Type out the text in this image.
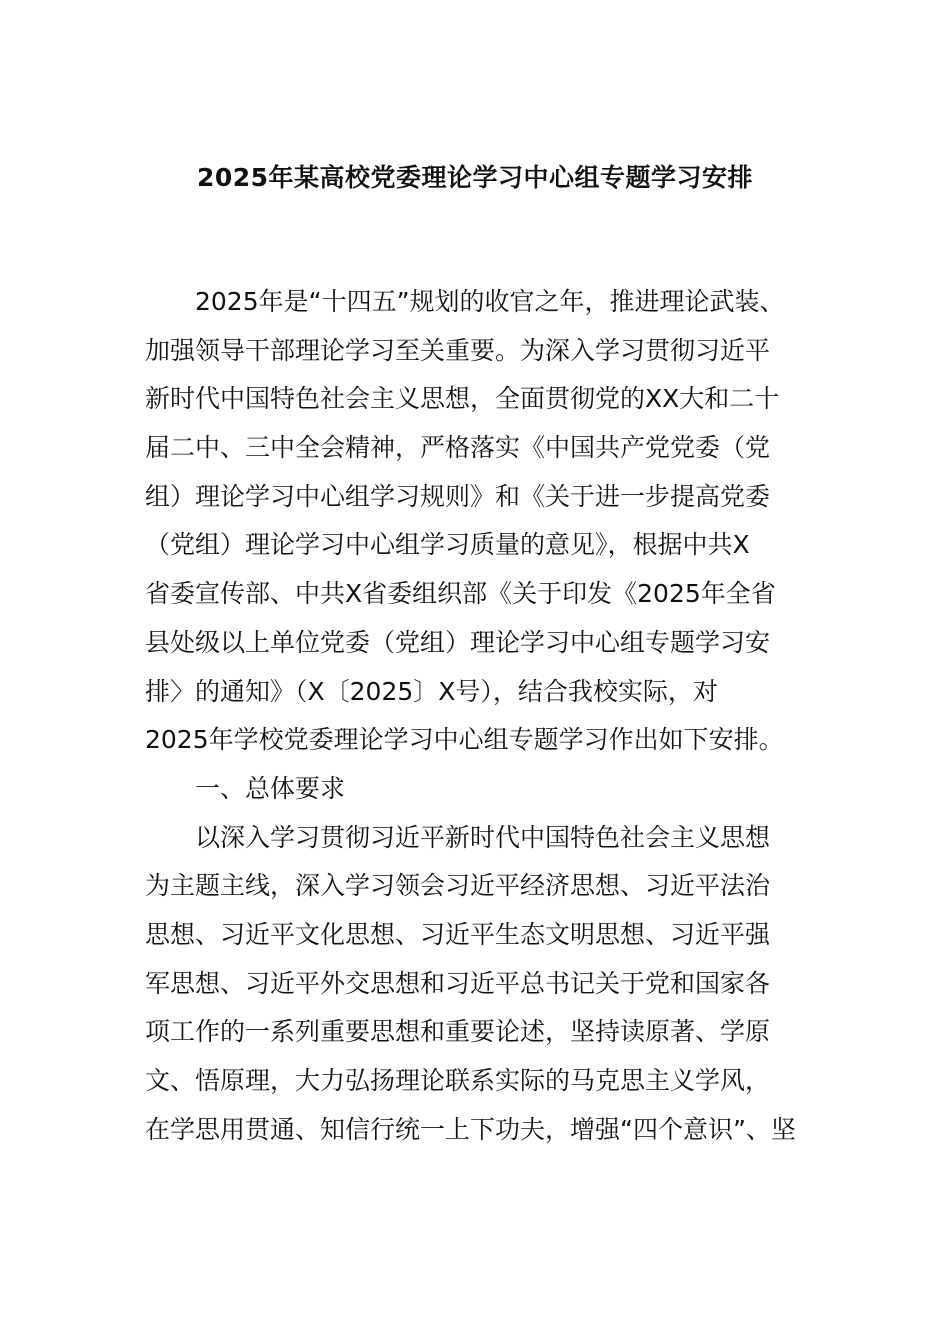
2025年某高校党委理论学习中心组专题学习安排
2025年是“十四五”规划的收官之年，推进理论武装、
加强领导干部理论学习至关重要。为深入学习贯彻习近平
新时代中国特色社会主义思想，全面贯彻党的XX大和二十
届二中、三中全会精神，严格落实《中国共产党党委（党
组）理论学习中心组学习规则》和《关于进一步提高党委
（党组）理论学习中心组学习质量的意见》，根据中共X
省委宣传部、中共X省委组织部《关于印发《2025年全省
县处级以上单位党委（党组）理论学习中心组专题学习安
排〉的通知》（X〔2025〕X号），结合我校实际，对
2025年学校党委理论学习中心组专题学习作出如下安排。
一、总体要求
以深入学习贯彻习近平新时代中国特色社会主义思想
为主题主线，深入学习领会习近平经济思想、习近平法治
思想、习近平文化思想、习近平生态文明思想、习近平强
军思想、习近平外交思想和习近平总书记关于党和国家各
项工作的一系列重要思想和重要论述，坚持读原著、学原
文、悟原理，大力弘扬理论联系实际的马克思主义学风，
在学思用贯通、知信行统一上下功夫，增强“四个意识”、坚
